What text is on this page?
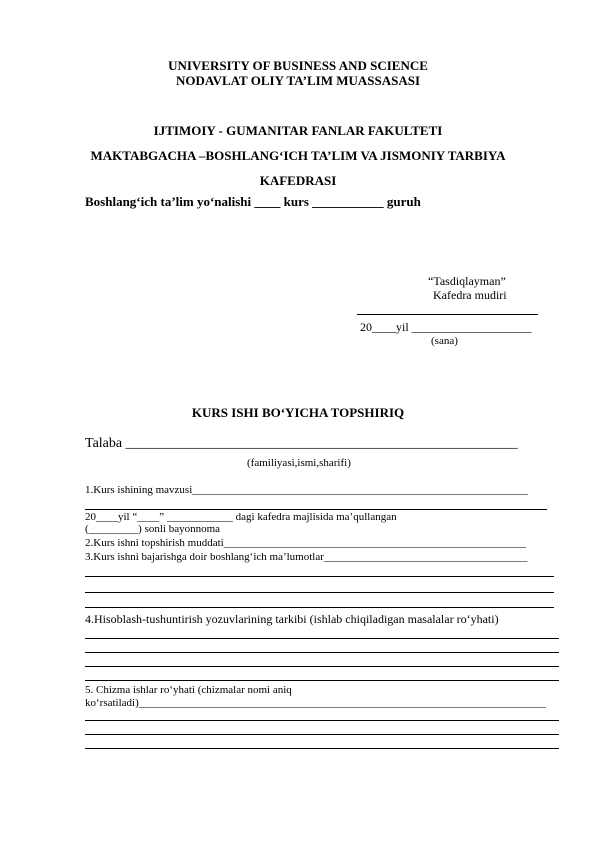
UNIVERSITY OF BUSINESS AND SCIENCE
NODAVLAT OLIY TA’LIM MUASSASASI
IJTIMOIY - GUMANITAR FANLAR FAKULTETI
MAKTABGACHA –BOSHLANG‘ICH TA’LIM VA JISMONIY TARBIYA
KAFEDRASI
Boshlang‘ich ta’lim yo‘nalishi ____ kurs ___________ guruh
“Tasdiqlayman”
Kafedra mudiri
20____yil ____________________
(sana)
KURS ISHI BO‘YICHA TOPSHIRIQ
Talaba ________________________________________________________
(familiyasi,ismi,sharifi)
1.Kurs ishining mavzusi_____________________________________________________________
20____yil “____” ____________ dagi kafedra majlisida ma’qullangan
(_________) sonli bayonnoma
2.Kurs ishni topshirish muddati_______________________________________________________
3.Kurs ishni bajarishga doir boshlang‘ich ma’lumotlar_____________________________________
4.Hisoblash-tushuntirish yozuvlarining tarkibi (ishlab chiqiladigan masalalar ro‘yhati)
5. Chizma ishlar ro‘yhati (chizmalar nomi aniq
ko‘rsatiladi)__________________________________________________________________________
